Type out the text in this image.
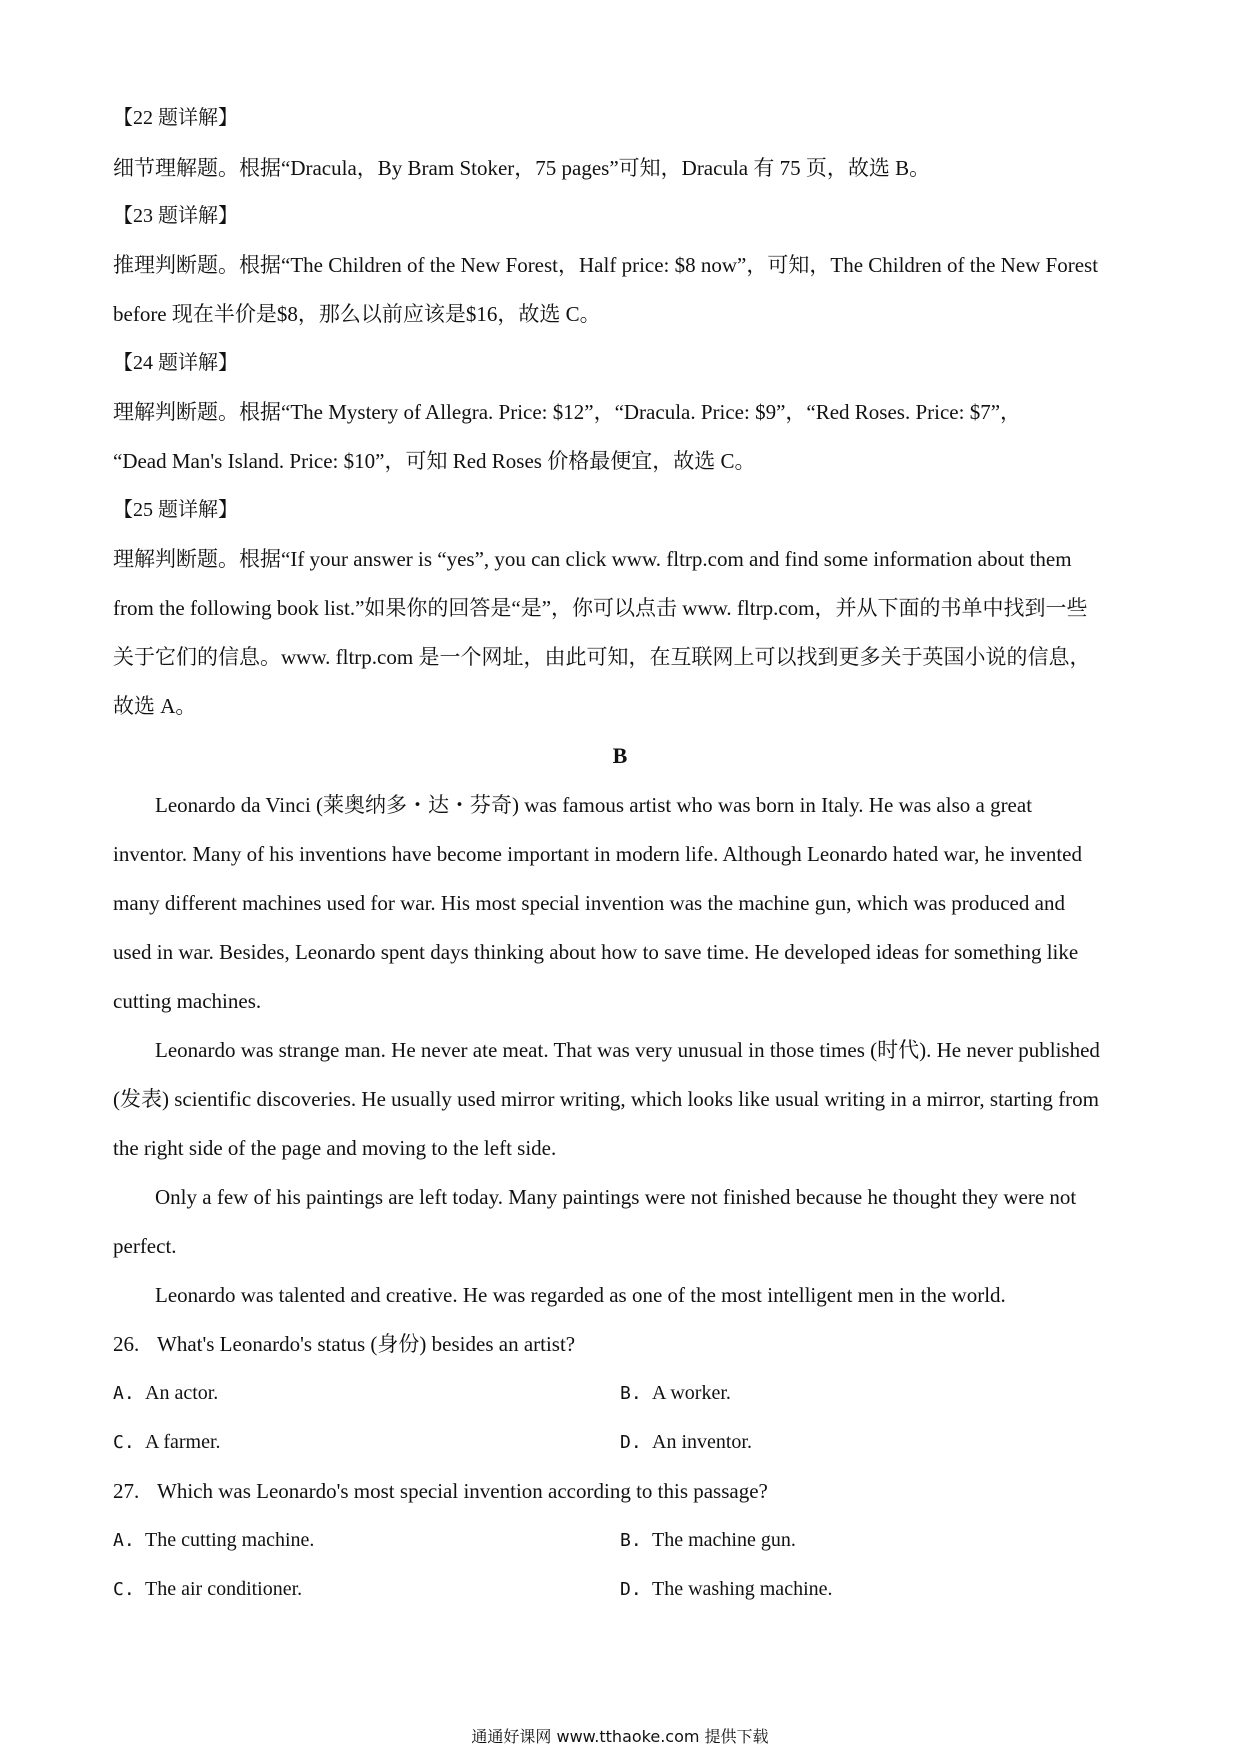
【22 题详解】
细节理解题。根据“Dracula，By Bram Stoker，75 pages”可知，Dracula 有 75 页，故选 B。
【23 题详解】
推理判断题。根据“The Children of the New Forest，Half price: $8 now”，可知，The Children of the New Forest
before 现在半价是$8，那么以前应该是$16，故选 C。
【24 题详解】
理解判断题。根据“The Mystery of Allegra. Price: $12”，“Dracula. Price: $9”，“Red Roses. Price: $7”，
“Dead Man's Island. Price: $10”，可知 Red Roses 价格最便宜，故选 C。
【25 题详解】
理解判断题。根据“If your answer is “yes”, you can click www. fltrp.com and find some information about them
from the following book list.”如果你的回答是“是”，你可以点击 www. fltrp.com，并从下面的书单中找到一些
关于它们的信息。www. fltrp.com 是一个网址，由此可知，在互联网上可以找到更多关于英国小说的信息，
故选 A。
B
Leonardo da Vinci (莱奥纳多・达・芬奇) was famous artist who was born in Italy. He was also a great
inventor. Many of his inventions have become important in modern life. Although Leonardo hated war, he invented
many different machines used for war. His most special invention was the machine gun, which was produced and
used in war. Besides, Leonardo spent days thinking about how to save time. He developed ideas for something like
cutting machines.
Leonardo was strange man. He never ate meat. That was very unusual in those times (时代). He never published
(发表) scientific discoveries. He usually used mirror writing, which looks like usual writing in a mirror, starting from
the right side of the page and moving to the left side.
Only a few of his paintings are left today. Many paintings were not finished because he thought they were not
perfect.
Leonardo was talented and creative. He was regarded as one of the most intelligent men in the world.
26. What's Leonardo's status (身份) besides an artist?
A. An actor.	B. A worker.
C. A farmer.	D. An inventor.
27. Which was Leonardo's most special invention according to this passage?
A. The cutting machine.	B. The machine gun.
C. The air conditioner.	D. The washing machine.
通通好课网 www.tthaoke.com 提供下载
